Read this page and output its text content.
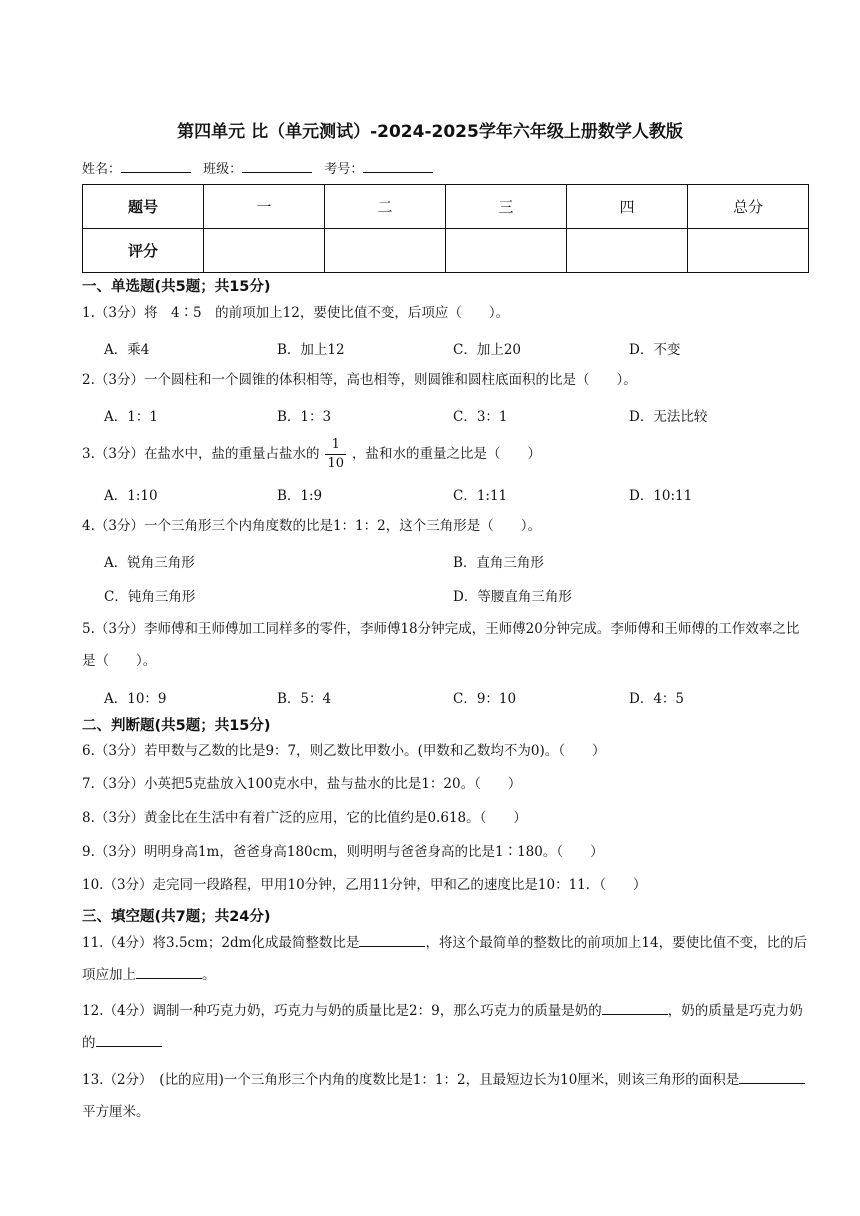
第四单元 比（单元测试）-2024-2025学年六年级上册数学人教版
姓名：	班级：	考号：
题号	一	二	三	四	总分
评分					
一、单选题(共5题；共15分)
1.（3分）将　4∶5　的前项加上12，要使比值不变，后项应（　　）。
A．乘4	B．加上12	C．加上20	D．不变
2.（3分）一个圆柱和一个圆锥的体积相等，高也相等，则圆锥和圆柱底面积的比是（　　）。
A．1：1	B．1：3	C．3：1	D．无法比较
3.（3分）在盐水中，盐的重量占盐水的 $\frac{1}{10}$ ，盐和水的重量之比是（　　）
A．1:10	B．1:9	C．1:11	D．10:11
4.（3分）一个三角形三个内角度数的比是1：1：2，这个三角形是（　　）。
A．锐角三角形	B．直角三角形
C．钝角三角形	D．等腰直角三角形
5.（3分）李师傅和王师傅加工同样多的零件，李师傅18分钟完成，王师傅20分钟完成。李师傅和王师傅的工作效率之比是（　　）。
A．10：9	B．5：4	C．9：10	D．4：5
二、判断题(共5题；共15分)
6.（3分）若甲数与乙数的比是9：7，则乙数比甲数小。(甲数和乙数均不为0)。（　　）
7.（3分）小英把5克盐放入100克水中，盐与盐水的比是1：20。（　　）
8.（3分）黄金比在生活中有着广泛的应用，它的比值约是0.618。（　　）
9.（3分）明明身高1m，爸爸身高180cm，则明明与爸爸身高的比是1∶180。（　　）
10.（3分）走完同一段路程，甲用10分钟，乙用11分钟，甲和乙的速度比是10：11．（　　）
三、填空题(共7题；共24分)
11.（4分）将3.5cm；2dm化成最简整数比是	，将这个最简单的整数比的前项加上14，要使比值不变，比的后项应加上	。
12.（4分）调制一种巧克力奶，巧克力与奶的质量比是2：9，那么巧克力的质量是奶的	，奶的质量是巧克力奶的
13.（2分）　(比的应用)一个三角形三个内角的度数比是1：1：2，且最短边长为10厘米，则该三角形的面积是平方厘米。
